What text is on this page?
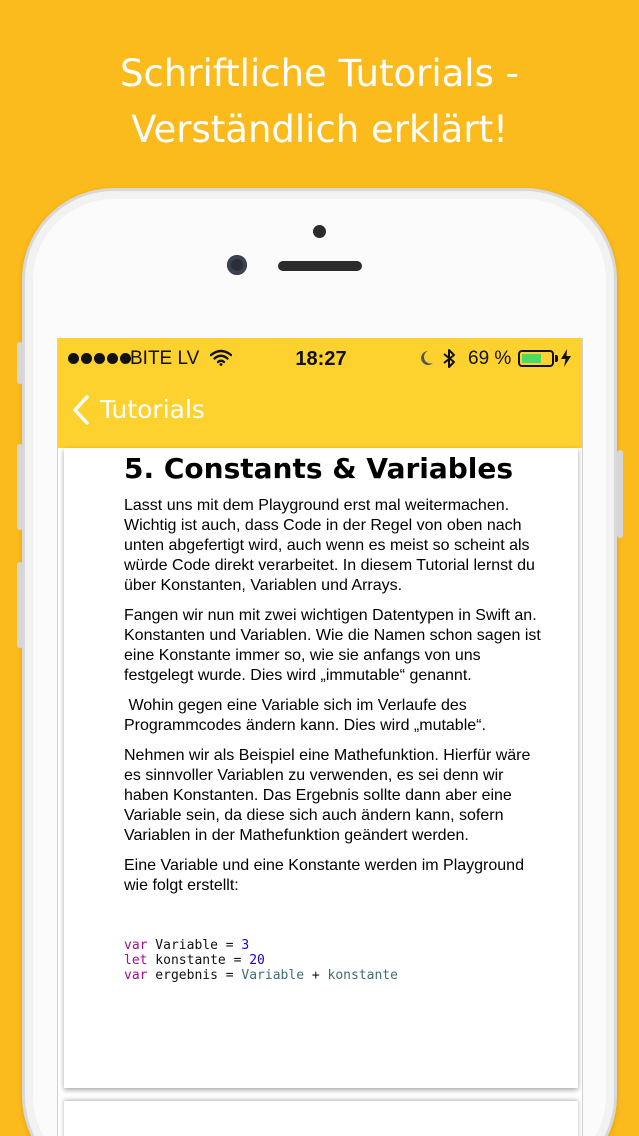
Schriftliche Tutorials -
Verständlich erklärt!
BITE LV	18:27	69 %
Tutorials
5. Constants & Variables

Lasst uns mit dem Playground erst mal weitermachen. Wichtig ist auch, dass Code in der Regel von oben nach unten abgefertigt wird, auch wenn es meist so scheint als würde Code direkt verarbeitet. In diesem Tutorial lernst du über Konstanten, Variablen und Arrays.

Fangen wir nun mit zwei wichtigen Datentypen in Swift an. Konstanten und Variablen. Wie die Namen schon sagen ist eine Konstante immer so, wie sie anfangs von uns festgelegt wurde. Dies wird „immutable“ genannt.

Wohin gegen eine Variable sich im Verlaufe des Programmcodes ändern kann. Dies wird „mutable“.

Nehmen wir als Beispiel eine Mathefunktion. Hierfür wäre es sinnvoller Variablen zu verwenden, es sei denn wir haben Konstanten. Das Ergebnis sollte dann aber eine Variable sein, da diese sich auch ändern kann, sofern Variablen in der Mathefunktion geändert werden.

Eine Variable und eine Konstante werden im Playground wie folgt erstellt:

var Variable = 3
let konstante = 20
var ergebnis = Variable + konstante
